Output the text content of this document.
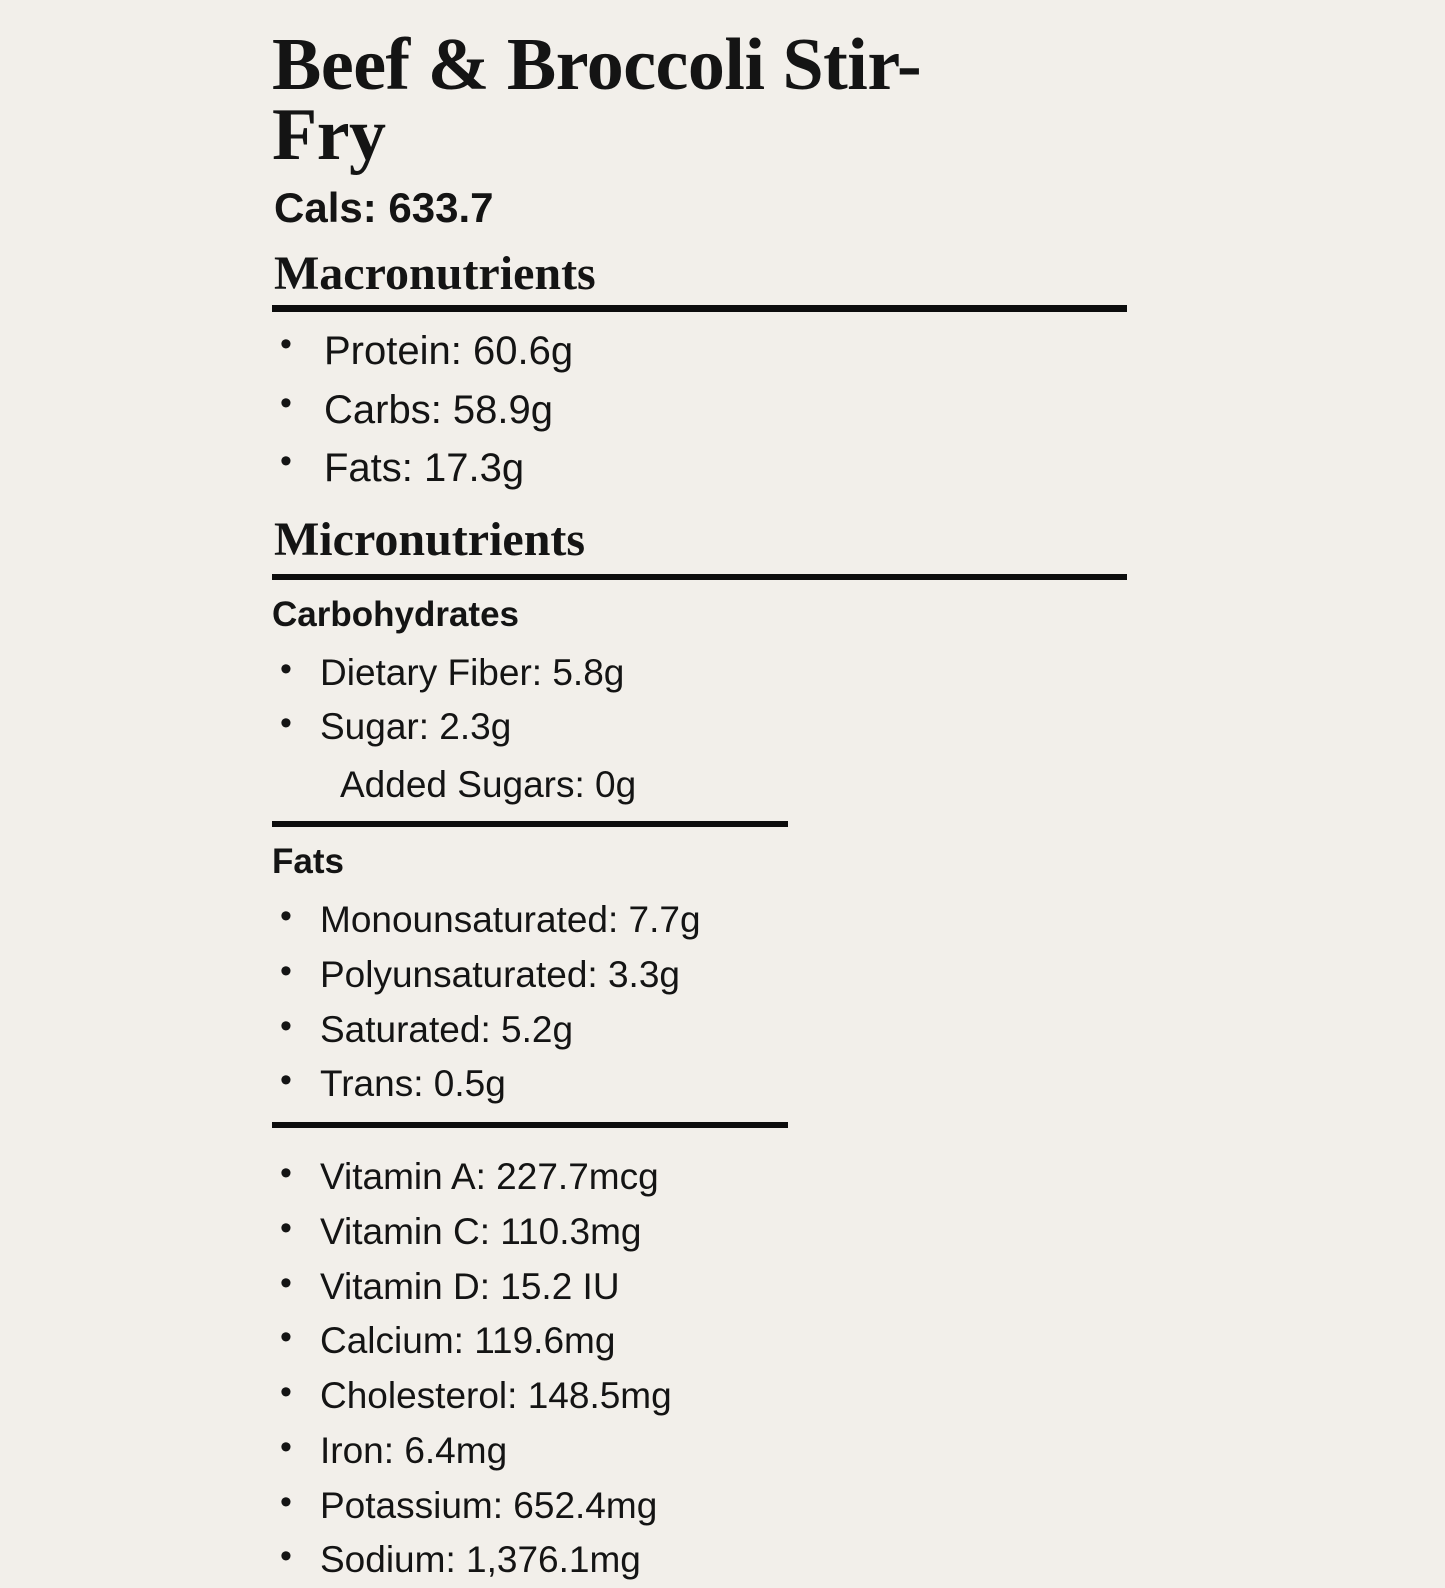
Beef & Broccoli Stir-Fry
Cals: 633.7
Macronutrients
• Protein: 60.6g
• Carbs: 58.9g
• Fats: 17.3g
Micronutrients
Carbohydrates
• Dietary Fiber: 5.8g
• Sugar: 2.3g
Added Sugars: 0g
Fats
• Monounsaturated: 7.7g
• Polyunsaturated: 3.3g
• Saturated: 5.2g
• Trans: 0.5g
• Vitamin A: 227.7mcg
• Vitamin C: 110.3mg
• Vitamin D: 15.2 IU
• Calcium: 119.6mg
• Cholesterol: 148.5mg
• Iron: 6.4mg
• Potassium: 652.4mg
• Sodium: 1,376.1mg
